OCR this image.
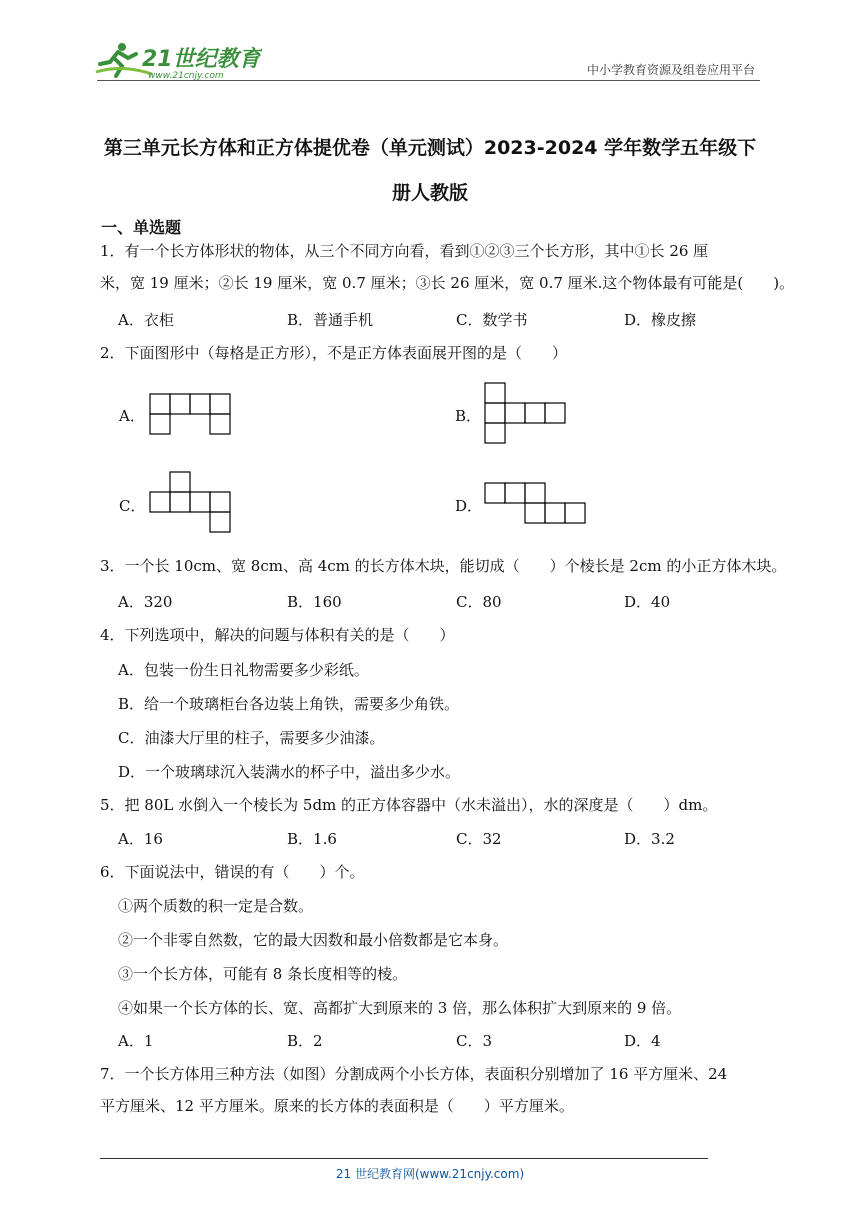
21世纪教育
www.21cnjy.com	中小学教育资源及组卷应用平台
第三单元长方体和正方体提优卷（单元测试）2023-2024 学年数学五年级下
册人教版
一、单选题
1．有一个长方体形状的物体，从三个不同方向看，看到①②③三个长方形，其中①长 26 厘
米，宽 19 厘米；②长 19 厘米，宽 0.7 厘米；③长 26 厘米，宽 0.7 厘米.这个物体最有可能是(　　)。
A．衣柜	B．普通手机	C．数学书	D．橡皮擦
2．下面图形中（每格是正方形），不是正方体表面展开图的是（　　）
A．	B．
C．	D．
3．一个长 10cm、宽 8cm、高 4cm 的长方体木块，能切成（　　）个棱长是 2cm 的小正方体木块。
A．320	B．160	C．80	D．40
4．下列选项中，解决的问题与体积有关的是（　　）
A．包装一份生日礼物需要多少彩纸。
B．给一个玻璃柜台各边装上角铁，需要多少角铁。
C．油漆大厅里的柱子，需要多少油漆。
D．一个玻璃球沉入装满水的杯子中，溢出多少水。
5．把 80L 水倒入一个棱长为 5dm 的正方体容器中（水未溢出），水的深度是（　　）dm。
A．16	B．1.6	C．32	D．3.2
6．下面说法中，错误的有（　　）个。
①两个质数的积一定是合数。
②一个非零自然数，它的最大因数和最小倍数都是它本身。
③一个长方体，可能有 8 条长度相等的棱。
④如果一个长方体的长、宽、高都扩大到原来的 3 倍，那么体积扩大到原来的 9 倍。
A．1	B．2	C．3	D．4
7．一个长方体用三种方法（如图）分割成两个小长方体，表面积分别增加了 16 平方厘米、24
平方厘米、12 平方厘米。原来的长方体的表面积是（　　）平方厘米。
21 世纪教育网(www.21cnjy.com)
